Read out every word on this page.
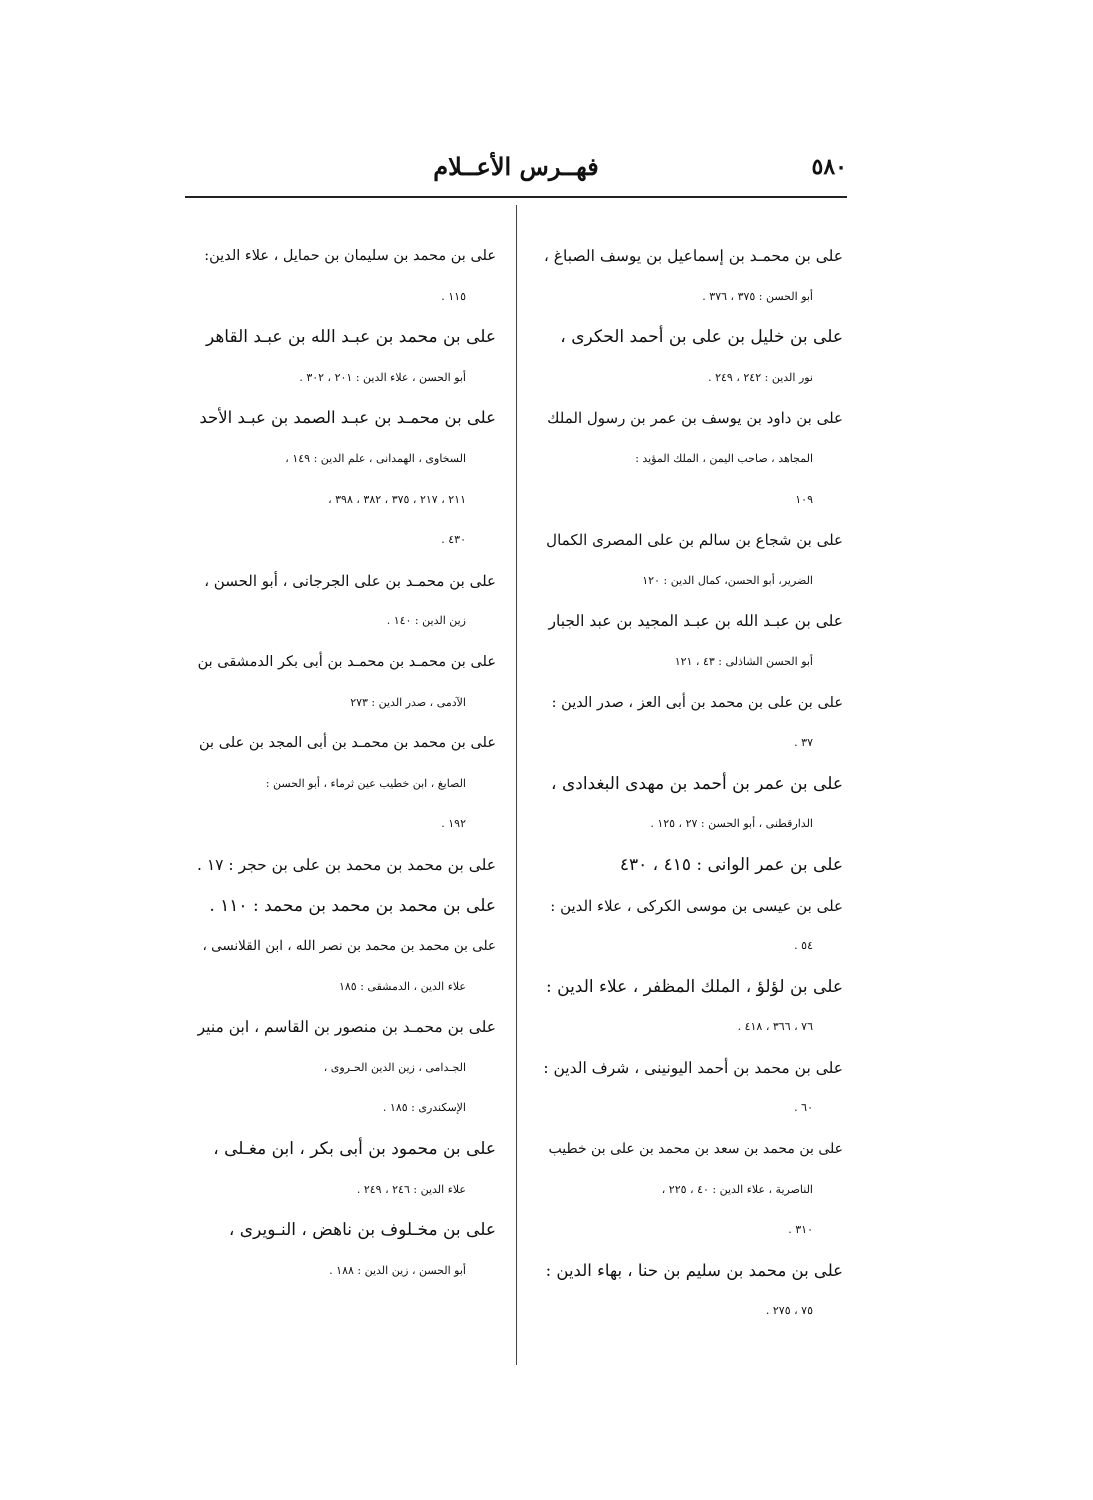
٥٨٠
فهــرس الأعــلام
على بن محمـد بن إسماعيل بن يوسف الصباغ ،
أبو الحسن : ٣٧٥ ، ٣٧٦ .
على بن خليل بن على بن أحمد الحكرى ،
نور الدين : ٢٤٢ ، ٢٤٩ .
على بن داود بن يوسف بن عمر بن رسول الملك
المجاهد ، صاحب اليمن ، الملك المؤيد :
١٠٩
على بن شجاع بن سالم بن على المصرى الكمال
الضرير، أبو الحسن، كمال الدين : ١٢٠
على بن عبـد الله بن عبـد المجيد بن عبد الجبار
أبو الحسن الشاذلى : ٤٣ ، ١٢١
على بن على بن محمد بن أبى العز ، صدر الدين :
٣٧ .
على بن عمر بن أحمد بن مهدى البغدادى ،
الدارقطنى ، أبو الحسن : ٢٧ ، ١٢٥ .
على بن عمر الوانى : ٤١٥ ، ٤٣٠
على بن عيسى بن موسى الكركى ، علاء الدين :
٥٤ .
على بن لؤلؤ ، الملك المظفر ، علاء الدين :
٧٦ ، ٣٦٦ ، ٤١٨ .
على بن محمد بن أحمد اليونينى ، شرف الدين :
٦٠ .
على بن محمد بن سعد بن محمد بن على بن خطيب
الناصرية ، علاء الدين : ٤٠ ، ٢٢٥ ،
٣١٠ .
على بن محمد بن سليم بن حنا ، بهاء الدين :
٧٥ ، ٢٧٥ .
على بن محمد بن سليمان بن حمايل ، علاء الدين:
١١٥ .
على بن محمد بن عبـد الله بن عبـد القاهر
أبو الحسن ، علاء الدين : ٢٠١ ، ٣٠٢ .
على بن محمـد بن عبـد الصمد بن عبـد الأحد
السخاوى ، الهمدانى ، علم الدين : ١٤٩ ،
٢١١ ، ٢١٧ ، ٣٧٥ ، ٣٨٢ ، ٣٩٨ ،
٤٣٠ .
على بن محمـد بن على الجرجانى ، أبو الحسن ،
زين الدين : ١٤٠ .
على بن محمـد بن محمـد بن أبى بكر الدمشقى بن
الآدمى ، صدر الدين : ٢٧٣
على بن محمد بن محمـد بن أبى المجد بن على بن
الصايغ ، ابن خطيب عين ثرماء ، أبو الحسن :
١٩٢ .
على بن محمد بن محمد بن على بن حجر : ١٧ .
على بن محمد بن محمد بن محمد : ١١٠ .
على بن محمد بن محمد بن نصر الله ، ابن القلانسى ،
علاء الدين ، الدمشقى : ١٨٥
على بن محمـد بن منصور بن القاسم ، ابن منير
الجـدامى ، زين الدين الحـروى ،
الإسكندرى : ١٨٥ .
على بن محمود بن أبى بكر ، ابن مغـلى ،
علاء الدين : ٢٤٦ ، ٢٤٩ .
على بن مخـلوف بن ناهض ، النـويرى ،
أبو الحسن ، زين الدين : ١٨٨ .
